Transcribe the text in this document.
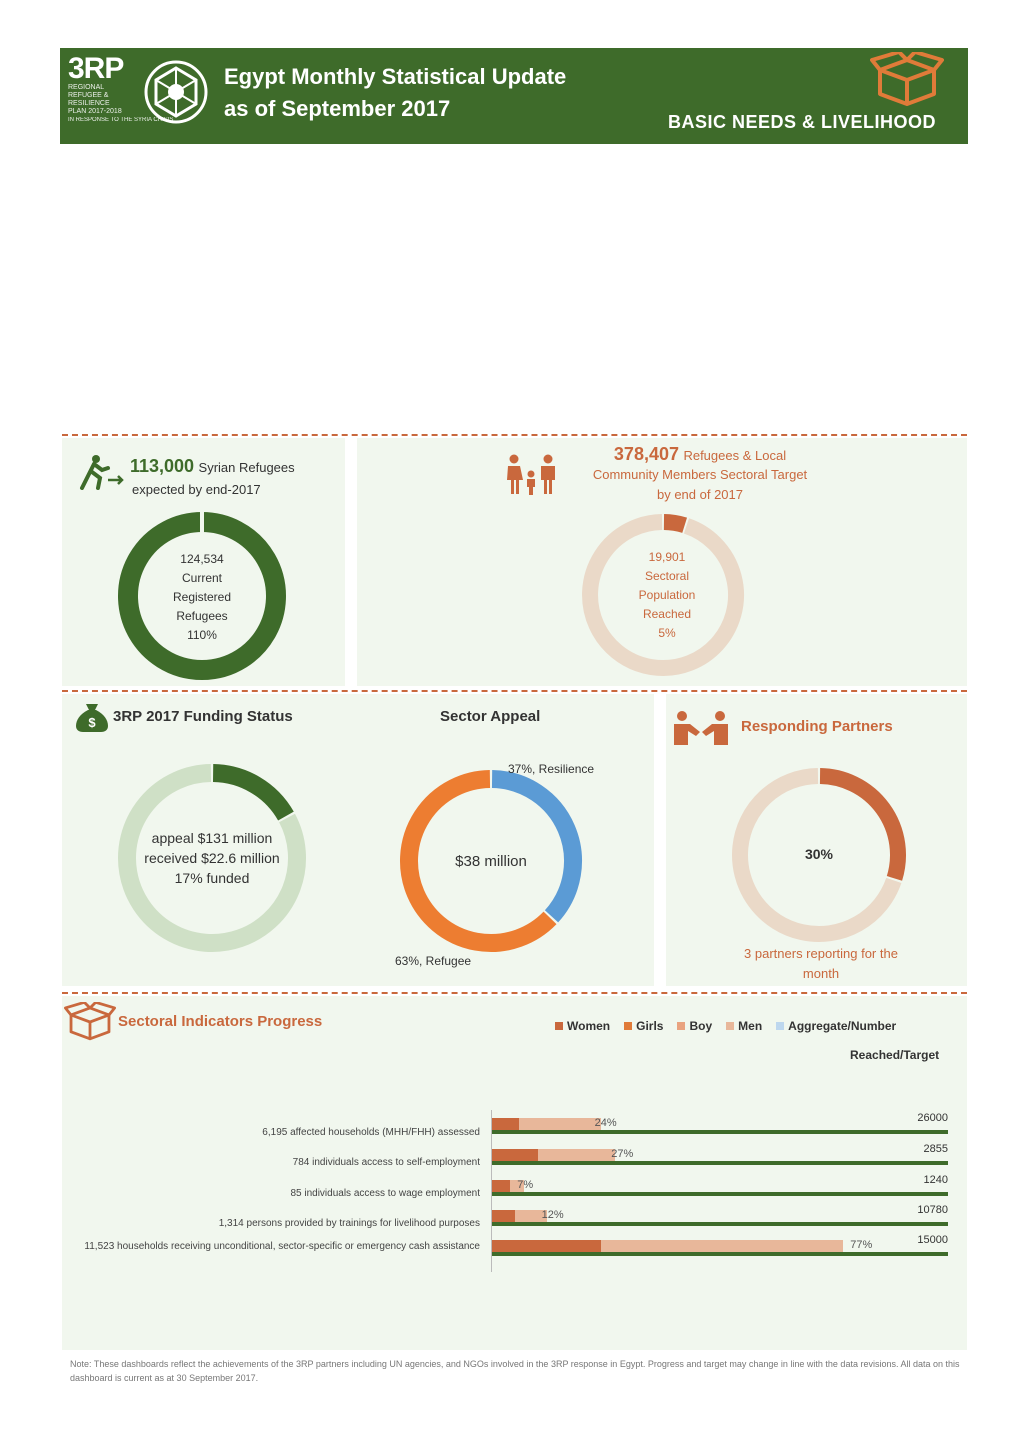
3RP
REGIONAL
REFUGEE &
RESILIENCE
PLAN 2017-2018
IN RESPONSE TO THE SYRIA CRISIS
Egypt Monthly Statistical Update
as of September 2017
BASIC NEEDS & LIVELIHOOD
113,000 Syrian Refugees
expected by end-2017
124,534
Current
Registered
Refugees
110%
378,407 Refugees & Local
Community Members Sectoral Target
by end of 2017
19,901
Sectoral
Population
Reached
5%
$ 3RP 2017 Funding Status	Sector Appeal
appeal $131 million
received $22.6 million
17% funded
$38 million
37%, Resilience
63%, Refugee
Responding Partners
30%
3 partners reporting for the
month
Sectoral Indicators Progress	Women Girls Boy Men Aggregate/Number
Reached/Target
6,195 affected households (MHH/FHH) assessed
24%	26000
784 individuals access to self-employment
27%	2855
85 individuals access to wage employment
7%	1240
1,314 persons provided by trainings for livelihood purposes
12%	10780
11,523 households receiving unconditional, sector-specific or emergency cash assistance	77%	15000
Note: These dashboards reflect the achievements of the 3RP partners including UN agencies, and NGOs involved in the 3RP response in Egypt. Progress and target may change in line with the data revisions. All data on this dashboard is current as at 30 September 2017.
